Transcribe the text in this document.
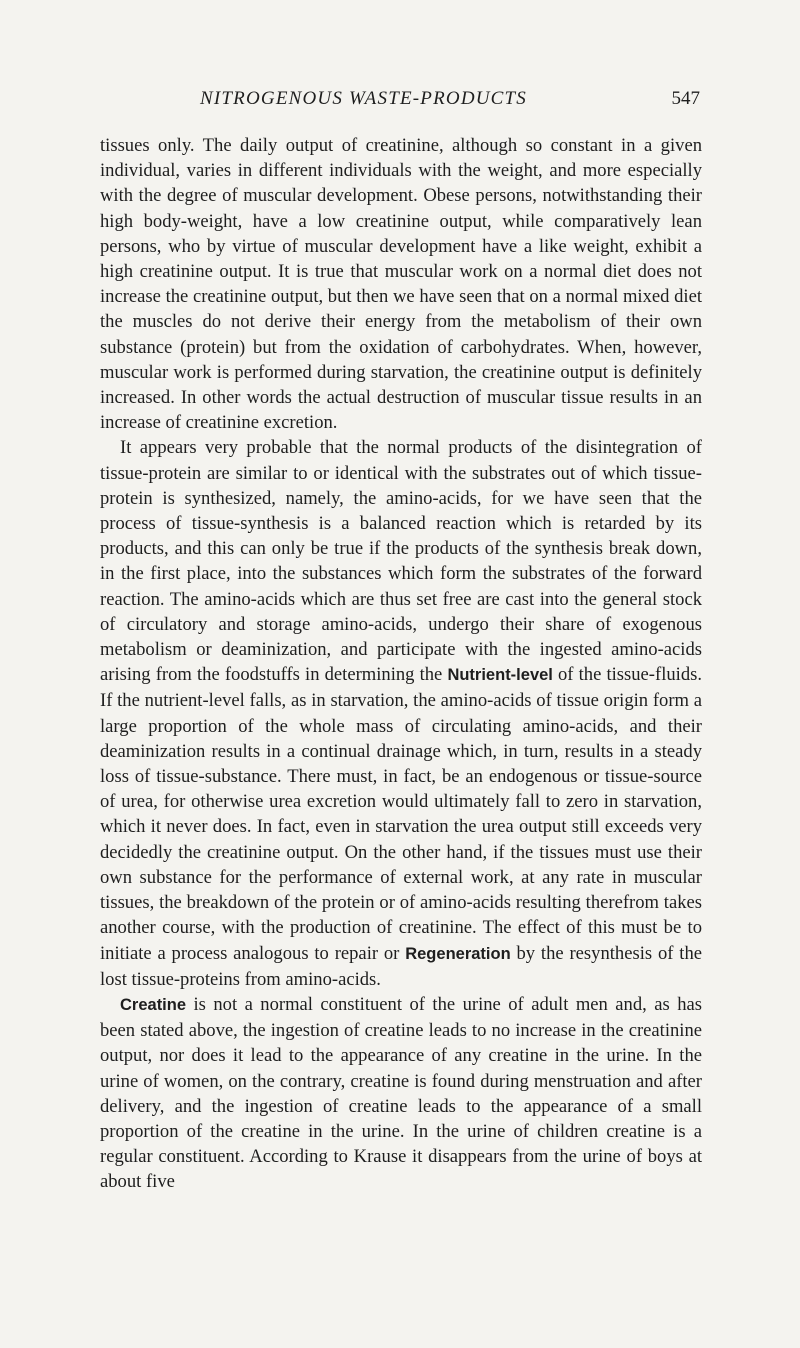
NITROGENOUS WASTE-PRODUCTS	547

tissues only. The daily output of creatinine, although so constant in a given individual, varies in different individuals with the weight, and more especially with the degree of muscular development. Obese persons, notwithstanding their high body-weight, have a low creatinine output, while comparatively lean persons, who by virtue of muscular development have a like weight, exhibit a high creatinine output. It is true that muscular work on a normal diet does not increase the creatinine output, but then we have seen that on a normal mixed diet the muscles do not derive their energy from the metabolism of their own substance (protein) but from the oxidation of carbohydrates. When, however, muscular work is performed during starvation, the creatinine output is definitely increased. In other words the actual destruction of muscular tissue results in an increase of creatinine excretion.

It appears very probable that the normal products of the disintegration of tissue-protein are similar to or identical with the substrates out of which tissue-protein is synthesized, namely, the amino-acids, for we have seen that the process of tissue-synthesis is a balanced reaction which is retarded by its products, and this can only be true if the products of the synthesis break down, in the first place, into the substances which form the substrates of the forward reaction. The amino-acids which are thus set free are cast into the general stock of circulatory and storage amino-acids, undergo their share of exogenous metabolism or deaminization, and participate with the ingested amino-acids arising from the foodstuffs in determining the Nutrient-level of the tissue-fluids. If the nutrient-level falls, as in starvation, the amino-acids of tissue origin form a large proportion of the whole mass of circulating amino-acids, and their deaminization results in a continual drainage which, in turn, results in a steady loss of tissue-substance. There must, in fact, be an endogenous or tissue-source of urea, for otherwise urea excretion would ultimately fall to zero in starvation, which it never does. In fact, even in starvation the urea output still exceeds very decidedly the creatinine output. On the other hand, if the tissues must use their own substance for the performance of external work, at any rate in muscular tissues, the breakdown of the protein or of amino-acids resulting therefrom takes another course, with the production of creatinine. The effect of this must be to initiate a process analogous to repair or Regeneration by the resynthesis of the lost tissue-proteins from amino-acids.

Creatine is not a normal constituent of the urine of adult men and, as has been stated above, the ingestion of creatine leads to no increase in the creatinine output, nor does it lead to the appearance of any creatine in the urine. In the urine of women, on the contrary, creatine is found during menstruation and after delivery, and the ingestion of creatine leads to the appearance of a small proportion of the creatine in the urine. In the urine of children creatine is a regular constituent. According to Krause it disappears from the urine of boys at about five
